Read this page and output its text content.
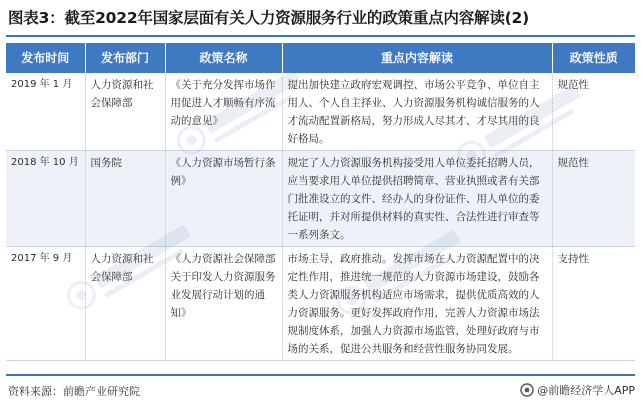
图表3：截至2022年国家层面有关人力资源服务行业的政策重点内容解读(2)
发布时间	发布部门	政策名称	重点内容解读	政策性质
2019 年 1 月	人力资源和社会保障部	《关于充分发挥市场作用促进人才顺畅有序流动的意见》	提出加快建立政府宏观调控、市场公平竞争、单位自主用人、个人自主择业、人力资源服务机构诚信服务的人才流动配置新格局，努力形成人尽其才、才尽其用的良好格局。	规范性
2018 年 10 月	国务院	《人力资源市场暂行条例》	规定了人力资源服务机构接受用人单位委托招聘人员，应当要求用人单位提供招聘简章、营业执照或者有关部门批准设立的文件、经办人的身份证件、用人单位的委托证明，并对所提供材料的真实性、合法性进行审查等一系列条文。	规范性
2017 年 9 月	人力资源和社会保障部	《人力资源社会保障部关于印发人力资源服务业发展行动计划的通知》	市场主导，政府推动。发挥市场在人力资源配置中的决定性作用，推进统一规范的人力资源市场建设，鼓励各类人力资源服务机构适应市场需求，提供优质高效的人力资源服务。更好发挥政府作用，完善人力资源市场法规制度体系，加强人力资源市场监管，处理好政府与市场的关系，促进公共服务和经营性服务协同发展。	支持性
资料来源：前瞻产业研究院	@前瞻经济学人APP
